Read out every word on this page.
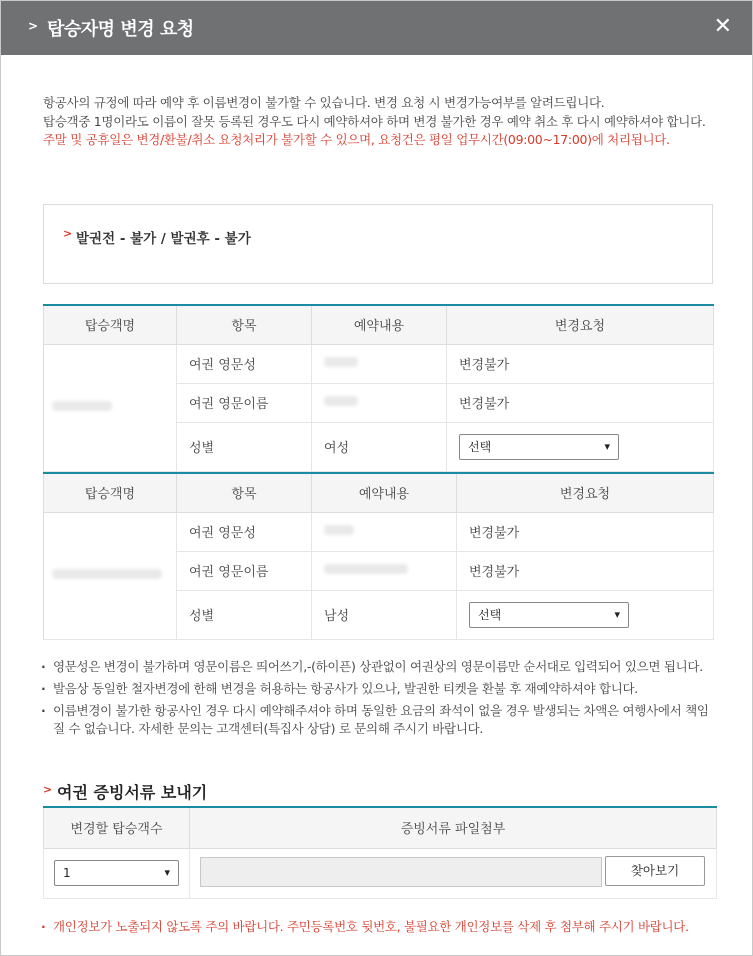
> 탑승자명 변경 요청	✕
항공사의 규정에 따라 예약 후 이름변경이 불가할 수 있습니다. 변경 요청 시 변경가능여부를 알려드립니다.
탑승객중 1명이라도 이름이 잘못 등록된 경우도 다시 예약하셔야 하며 변경 불가한 경우 예약 취소 후 다시 예약하셔야 합니다.
주말 및 공휴일은 변경/환불/취소 요청처리가 불가할 수 있으며, 요청건은 평일 업무시간(09:00~17:00)에 처리됩니다.
> 발권전 - 불가 / 발권후 - 불가
탑승객명	항목	예약내용	변경요청
	여권 영문성		변경불가
	여권 영문이름		변경불가
	성별	여성	선택 ▾
탑승객명	항목	예약내용	변경요청
	여권 영문성		변경불가
	여권 영문이름		변경불가
	성별	남성	선택 ▾
· 영문성은 변경이 불가하며 영문이름은 띄어쓰기,-(하이픈) 상관없이 여권상의 영문이름만 순서대로 입력되어 있으면 됩니다.
· 발음상 동일한 철자변경에 한해 변경을 허용하는 항공사가 있으나, 발권한 티켓을 환불 후 재예약하셔야 합니다.
· 이름변경이 불가한 항공사인 경우 다시 예약해주셔야 하며 동일한 요금의 좌석이 없을 경우 발생되는 차액은 여행사에서 책임질 수 없습니다. 자세한 문의는 고객센터(특집사 상담) 로 문의해 주시기 바랍니다.
> 여권 증빙서류 보내기
변경할 탑승객수	증빙서류 파일첨부

1 ▾	찾아보기
· 개인정보가 노출되지 않도록 주의 바랍니다. 주민등록번호 뒷번호, 불필요한 개인정보를 삭제 후 첨부해 주시기 바랍니다.
